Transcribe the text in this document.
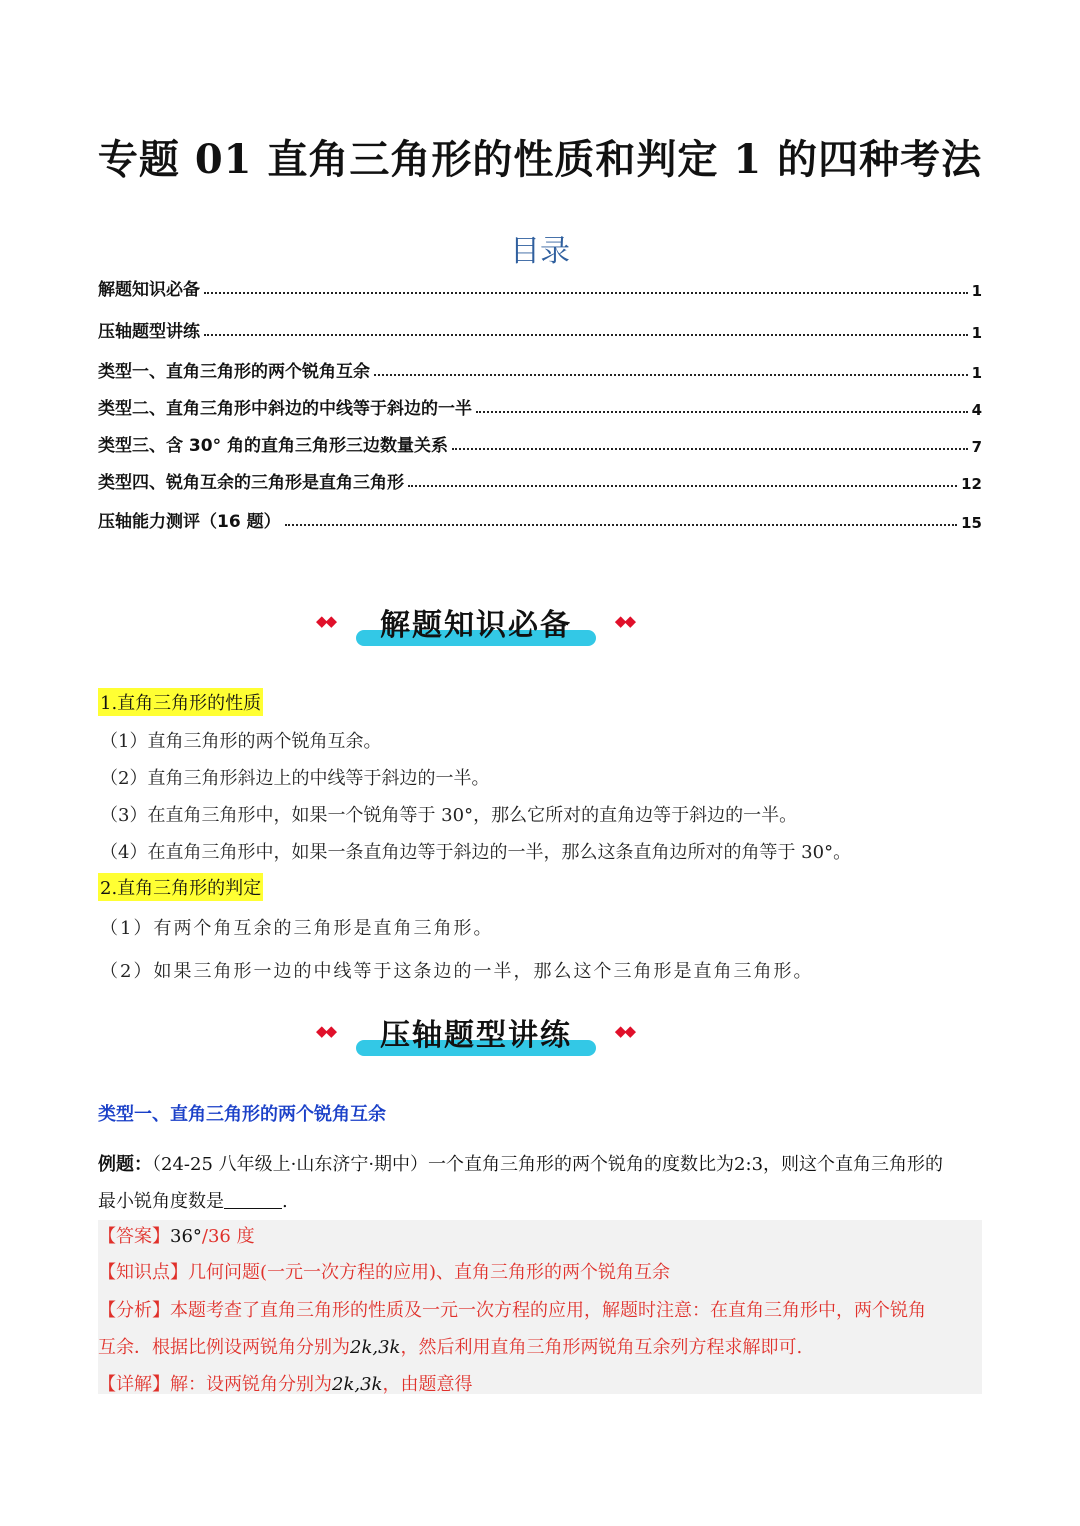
专题 01 直角三角形的性质和判定 1 的四种考法
目录
解题知识必备	1
压轴题型讲练	1
类型一、直角三角形的两个锐角互余	1
类型二、直角三角形中斜边的中线等于斜边的一半	4
类型三、含 30° 角的直角三角形三边数量关系	7
类型四、锐角互余的三角形是直角三角形	12
压轴能力测评（16 题）	15
◆◆	解题知识必备	◆◆
1.直角三角形的性质
（1）直角三角形的两个锐角互余。
（2）直角三角形斜边上的中线等于斜边的一半。
（3）在直角三角形中，如果一个锐角等于 30°，那么它所对的直角边等于斜边的一半。
（4）在直角三角形中，如果一条直角边等于斜边的一半，那么这条直角边所对的角等于 30°。
2.直角三角形的判定
（1）有两个角互余的三角形是直角三角形。
（2）如果三角形一边的中线等于这条边的一半，那么这个三角形是直角三角形。
◆◆	压轴题型讲练	◆◆
类型一、直角三角形的两个锐角互余
例题：（24-25 八年级上·山东济宁·期中）一个直角三角形的两个锐角的度数比为2:3，则这个直角三角形的
最小锐角度数是	.
【答案】36°/36 度
【知识点】几何问题(一元一次方程的应用)、直角三角形的两个锐角互余
【分析】本题考查了直角三角形的性质及一元一次方程的应用，解题时注意：在直角三角形中，两个锐角
互余．根据比例设两锐角分别为2k,3k，然后利用直角三角形两锐角互余列方程求解即可.
【详解】解：设两锐角分别为2k,3k，由题意得
